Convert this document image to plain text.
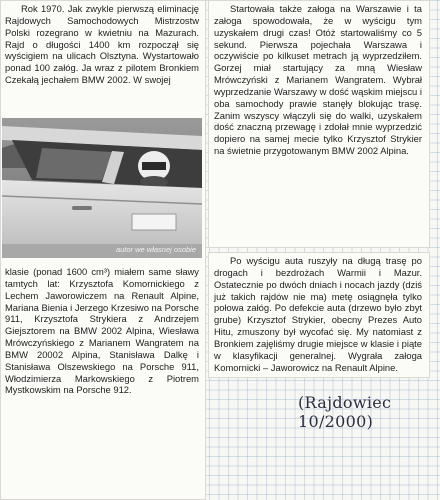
Rok 1970. Jak zwykle pierwszą eliminację Rajdowych Samochodowych Mistrzostw Polski rozegrano w kwietniu na Mazurach. Rajd o długości 1400 km rozpoczął się wyścigiem na ulicach Olsztyna. Wystartowało ponad 100 załóg. Ja wraz z pilotem Bronkiem Czekałą jechałem BMW 2002. W swojej

autor we własnej osobie

klasie (ponad 1600 cm³) miałem same sławy tamtych lat: Krzysztofa Komornickiego z Lechem Jaworowiczem na Renault Alpine, Mariana Bienia i Jerzego Krzesiwo na Porsche 911, Krzysztofa Strykiera z Andrzejem Giejsztorem na BMW 2002 Alpina, Wiesława Mrówczyńskiego z Marianem Wangratem na BMW 20002 Alpina, Stanisława Dalkę i Stanisława Olszewskiego na Porsche 911, Włodzimierza Markowskiego z Piotrem Mystkowskim na Porsche 912.

Startowała także załoga na Warszawie i ta załoga spowodowała, że w wyścigu tym uzyskałem drugi czas! Otóż startowaliśmy co 5 sekund. Pierwsza pojechała Warszawa i oczywiście po kilkuset metrach ją wyprzedziłem. Gorzej miał startujący za mną Wiesław Mrówczyński z Marianem Wangratem. Wybrał wyprzedzanie Warszawy w dość wąskim miejscu i oba samochody prawie stanęły blokując trasę. Zanim wszyscy włączyli się do walki, uzyskałem dość znaczną przewagę i zdołał mnie wyprzedzić dopiero na samej mecie tylko Krzysztof Strykier na świetnie przygotowanym BMW 2002 Alpina.

Po wyścigu auta ruszyły na długą trasę po drogach i bezdrożach Warmii i Mazur. Ostatecznie po dwóch dniach i nocach jazdy (dziś już takich rajdów nie ma) metę osiągnęła tylko połowa załóg. Po defekcie auta (drzewo było zbyt grube) Krzysztof Strykier, obecny Prezes Auto Hitu, zmuszony był wycofać się. My natomiast z Bronkiem zajęliśmy drugie miejsce w klasie i piąte w klasyfikacji generalnej. Wygrała załoga Komornicki – Jaworowicz na Renault Alpine.

(Rajdowiec 10/2000)
